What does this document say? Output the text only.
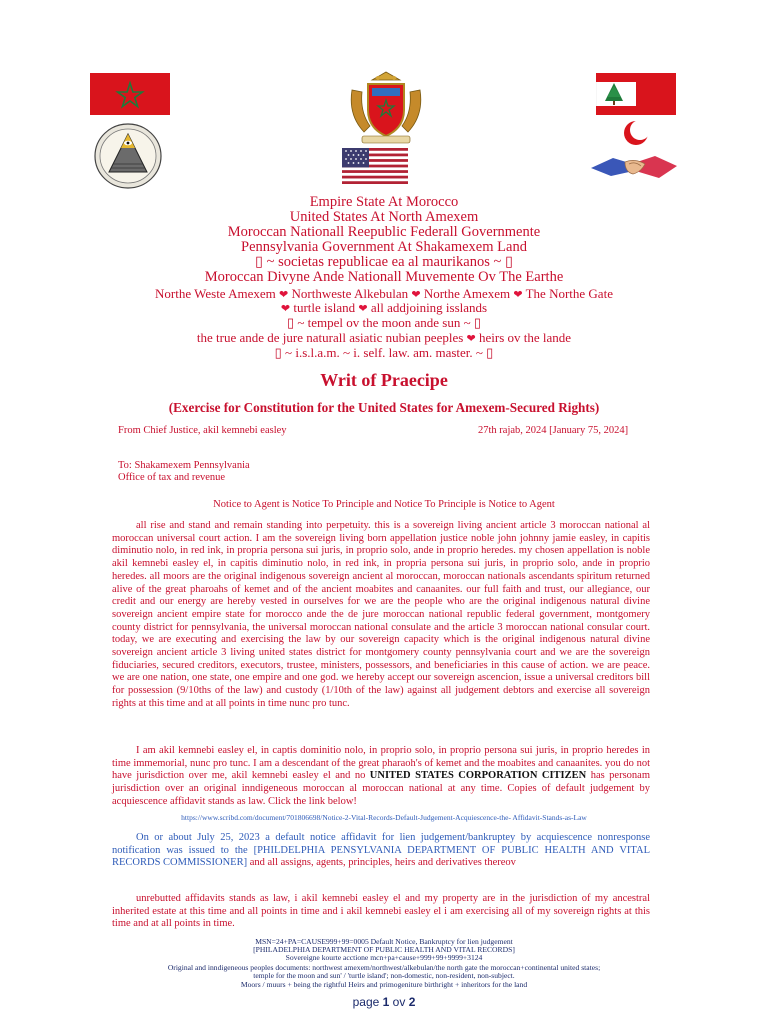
Empire State At Morocco
United States At North Amexem
Moroccan Nationall Reepublic Federall Governmente
Pennsylvania Government At Shakamexem Land
▯ ~ societas republicae ea al maurikanos ~ ▯
Moroccan Divyne Ande Nationall Muvemente Ov The Earthe
Northe Weste Amexem ❤ Northweste Alkebulan ❤ Northe Amexem ❤ The Northe Gate
❤ turtle island ❤ all addjoining isslands
▯ ~ tempel ov the moon ande sun ~ ▯
the true ande de jure naturall asiatic nubian peeples ❤ heirs ov the lande
▯ ~ i.s.l.a.m. ~ i. self. law. am. master. ~ ▯
Writ of Praecipe
(Exercise for Constitution for the United States for Amexem-Secured Rights)
From Chief Justice, akil kemnebi easley	27th rajab, 2024 [January 75, 2024]
To: Shakamexem Pennsylvania
Office of tax and revenue
Notice to Agent is Notice To Principle and Notice To Principle is Notice to Agent
all rise and stand and remain standing into perpetuity. this is a sovereign living ancient article 3 moroccan national al moroccan universal court action. I am the sovereign living born appellation justice noble john johnny jamie easley, in capitis diminutio nolo, in red ink, in propria persona sui juris, in proprio solo, ande in proprio heredes. my chosen appellation is noble akil kemnebi easley el, in capitis diminutio nolo, in red ink, in propria persona sui juris, in proprio solo, ande in proprio heredes. all moors are the original indigenous sovereign ancient al moroccan, moroccan nationals ascendants spiritum returned alive of the great pharoahs of kemet and of the ancient moabites and canaanites. our full faith and trust, our allegiance, our credit and our energy are hereby vested in ourselves for we are the people who are the original indigenous natural divine sovereign ancient empire state for morocco ande the de jure moroccan national republic federal government, montgomery county district for pennsylvania, the universal moroccan national consulate and the article 3 moroccan national consular court. today, we are executing and exercising the law by our sovereign capacity which is the original indigenous natural divine sovereign ancient article 3 living united states district for montgomery county pennsylvania court and we are the sovereign fiduciaries, secured creditors, executors, trustee, ministers, possessors, and beneficiaries in this cause of action. we are peace. we are one nation, one state, one empire and one god. we hereby accept our sovereign ascencion, issue a universal creditors bill for possession (9/10ths of the law) and custody (1/10th of the law) against all judgement debtors and exercise all sovereign rights at this time and at all points in time nunc pro tunc.
I am akil kemnebi easley el, in captis dominitio nolo, in proprio solo, in proprio persona sui juris, in proprio heredes in time immemorial, nunc pro tunc. I am a descendant of the great pharaoh's of kemet and the moabites and canaanites. you do not have jurisdiction over me, akil kemnebi easley el and no UNITED STATES CORPORATION CITIZEN has personam jurisdiction over an original inndigeneous moroccan al moroccan national at any time. Copies of default judgement by acquiescence affidavit stands as law. Click the link below!
https://www.scribd.com/document/701806698/Notice-2-Vital-Records-Default-Judgement-Acquiescence-the- Affidavit-Stands-as-Law
On or about July 25, 2023 a default notice affidavit for lien judgement/bankruptey by acquiescence nonresponse notification was issued to the [PHILDELPHIA PENSYLVANIA DEPARTMENT OF PUBLIC HEALTH AND VITAL RECORDS COMMISSIONER] and all assigns, agents, principles, heirs and derivatives thereov
unrebutted affidavits stands as law, i akil kemnebi easley el and my property are in the jurisdiction of my ancestral inherited estate at this time and all points in time and i akil kemnebi easley el i am exercising all of my sovereign rights at this time and at all points in time.
MSN=24+PA=CAUSE999+99=0005 Default Notice, Bankruptcy for lien judgement
[PHILADELPHIA DEPARTMENT OF PUBLIC HEALTH AND VITAL RECORDS]
Sovereigne kourte acctione mcn+pa+cause+999+99+9999+3124
Original and inndigeneous peoples documents: northwest amexem/northwest/alkebulan/the north gate the moroccan+continental united states;
temple for the moon and sun' / 'turtle island'; non-domestic, non-resident, non-subject.
Moors / muurs + being the rightful Heirs and primogeniture birthright + inheritors for the land
page 1 ov 2
